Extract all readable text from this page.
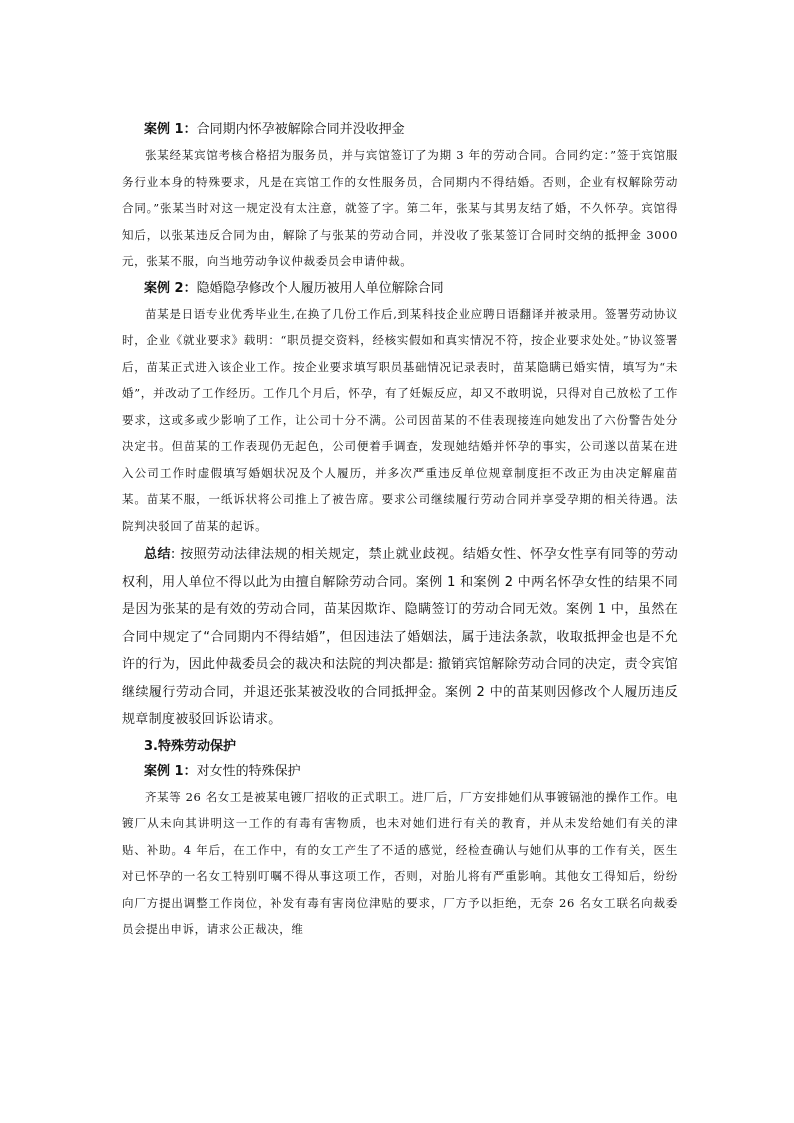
案例 1：合同期内怀孕被解除合同并没收押金

张某经某宾馆考核合格招为服务员，并与宾馆签订了为期 3 年的劳动合同。合同约定：”签于宾馆服务行业本身的特殊要求，凡是在宾馆工作的女性服务员，合同期内不得结婚。否则，企业有权解除劳动合同。”张某当时对这一规定没有太注意，就签了字。第二年，张某与其男友结了婚，不久怀孕。宾馆得知后，以张某违反合同为由，解除了与张某的劳动合同，并没收了张某签订合同时交纳的抵押金 3000 元，张某不服，向当地劳动争议仲裁委员会申请仲裁。

案例 2：隐婚隐孕修改个人履历被用人单位解除合同

苗某是日语专业优秀毕业生,在换了几份工作后,到某科技企业应聘日语翻译并被录用。签署劳动协议时，企业《就业要求》载明：“职员提交资料，经核实假如和真实情况不符，按企业要求处处。”协议签署后，苗某正式进入该企业工作。按企业要求填写职员基础情况记录表时，苗某隐瞒已婚实情，填写为“未婚”，并改动了工作经历。工作几个月后，怀孕，有了妊娠反应，却又不敢明说，只得对自己放松了工作要求，这或多或少影响了工作，让公司十分不满。公司因苗某的不佳表现接连向她发出了六份警告处分决定书。但苗某的工作表现仍无起色，公司便着手调查，发现她结婚并怀孕的事实，公司遂以苗某在进入公司工作时虚假填写婚姻状况及个人履历，并多次严重违反单位规章制度拒不改正为由决定解雇苗某。苗某不服，一纸诉状将公司推上了被告席。要求公司继续履行劳动合同并享受孕期的相关待遇。法院判决驳回了苗某的起诉。

总结: 按照劳动法律法规的相关规定，禁止就业歧视。结婚女性、怀孕女性享有同等的劳动权利，用人单位不得以此为由擅自解除劳动合同。案例 1 和案例 2 中两名怀孕女性的结果不同是因为张某的是有效的劳动合同，苗某因欺诈、隐瞒签订的劳动合同无效。案例 1 中，虽然在合同中规定了“合同期内不得结婚”，但因违法了婚姻法，属于违法条款，收取抵押金也是不允许的行为，因此仲裁委员会的裁决和法院的判决都是: 撤销宾馆解除劳动合同的决定，责令宾馆继续履行劳动合同，并退还张某被没收的合同抵押金。案例 2 中的苗某则因修改个人履历违反规章制度被驳回诉讼请求。

3.特殊劳动保护
案例 1：对女性的特殊保护

齐某等 26 名女工是被某电镀厂招收的正式职工。进厂后，厂方安排她们从事镀镉池的操作工作。电镀厂从未向其讲明这一工作的有毒有害物质，也未对她们进行有关的教育，并从未发给她们有关的津贴、补助。4 年后，在工作中，有的女工产生了不适的感觉，经检查确认与她们从事的工作有关，医生对已怀孕的一名女工特别叮嘱不得从事这项工作，否则，对胎儿将有严重影响。其他女工得知后，纷纷向厂方提出调整工作岗位，补发有毒有害岗位津贴的要求，厂方予以拒绝，无奈 26 名女工联名向裁委员会提出申诉，请求公正裁决，维
